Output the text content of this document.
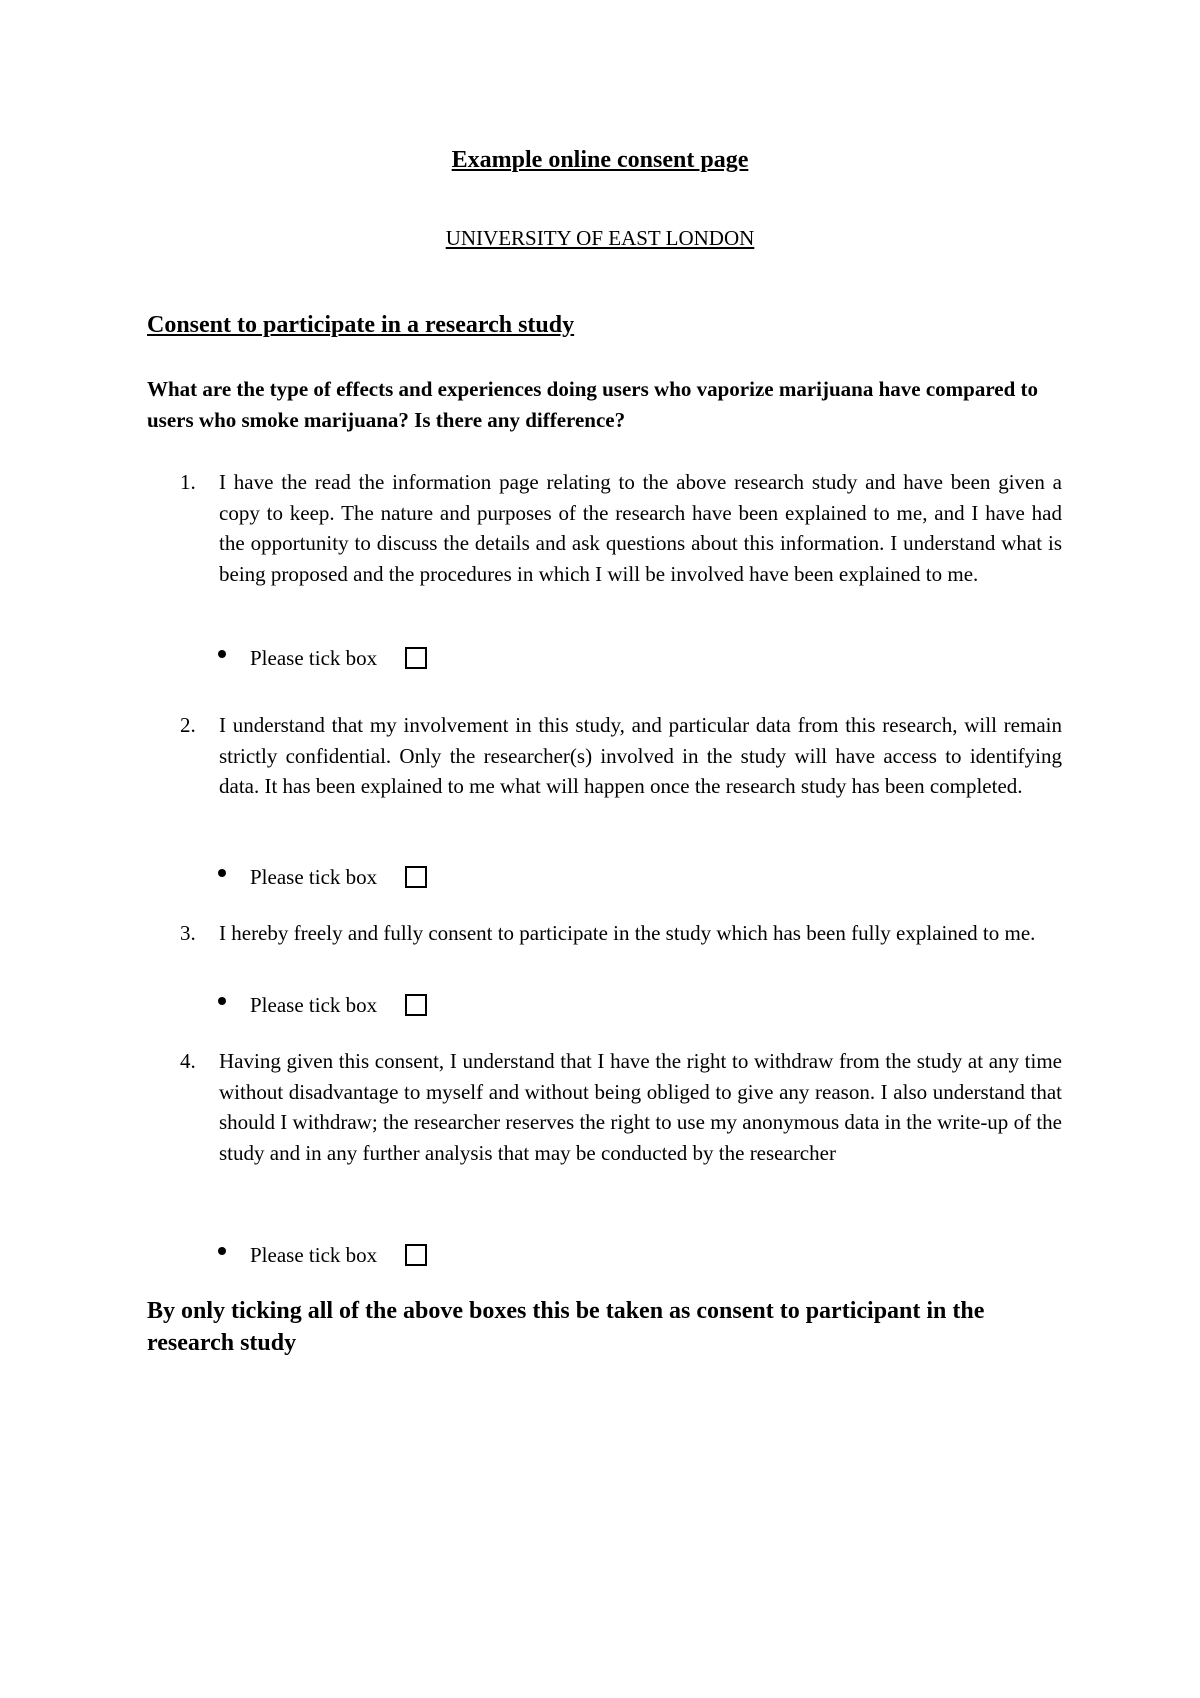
Example online consent page
UNIVERSITY OF EAST LONDON
Consent to participate in a research study

What are the type of effects and experiences doing users who vaporize marijuana have compared to users who smoke marijuana? Is there any difference?

1. I have the read the information page relating to the above research study and have been given a copy to keep. The nature and purposes of the research have been explained to me, and I have had the opportunity to discuss the details and ask questions about this information. I understand what is being proposed and the procedures in which I will be involved have been explained to me.
Please tick box
2. I understand that my involvement in this study, and particular data from this research, will remain strictly confidential. Only the researcher(s) involved in the study will have access to identifying data. It has been explained to me what will happen once the research study has been completed.
Please tick box
3. I hereby freely and fully consent to participate in the study which has been fully explained to me.
Please tick box
4. Having given this consent, I understand that I have the right to withdraw from the study at any time without disadvantage to myself and without being obliged to give any reason. I also understand that should I withdraw; the researcher reserves the right to use my anonymous data in the write-up of the study and in any further analysis that may be conducted by the researcher
Please tick box

By only ticking all of the above boxes this be taken as consent to participant in the research study
